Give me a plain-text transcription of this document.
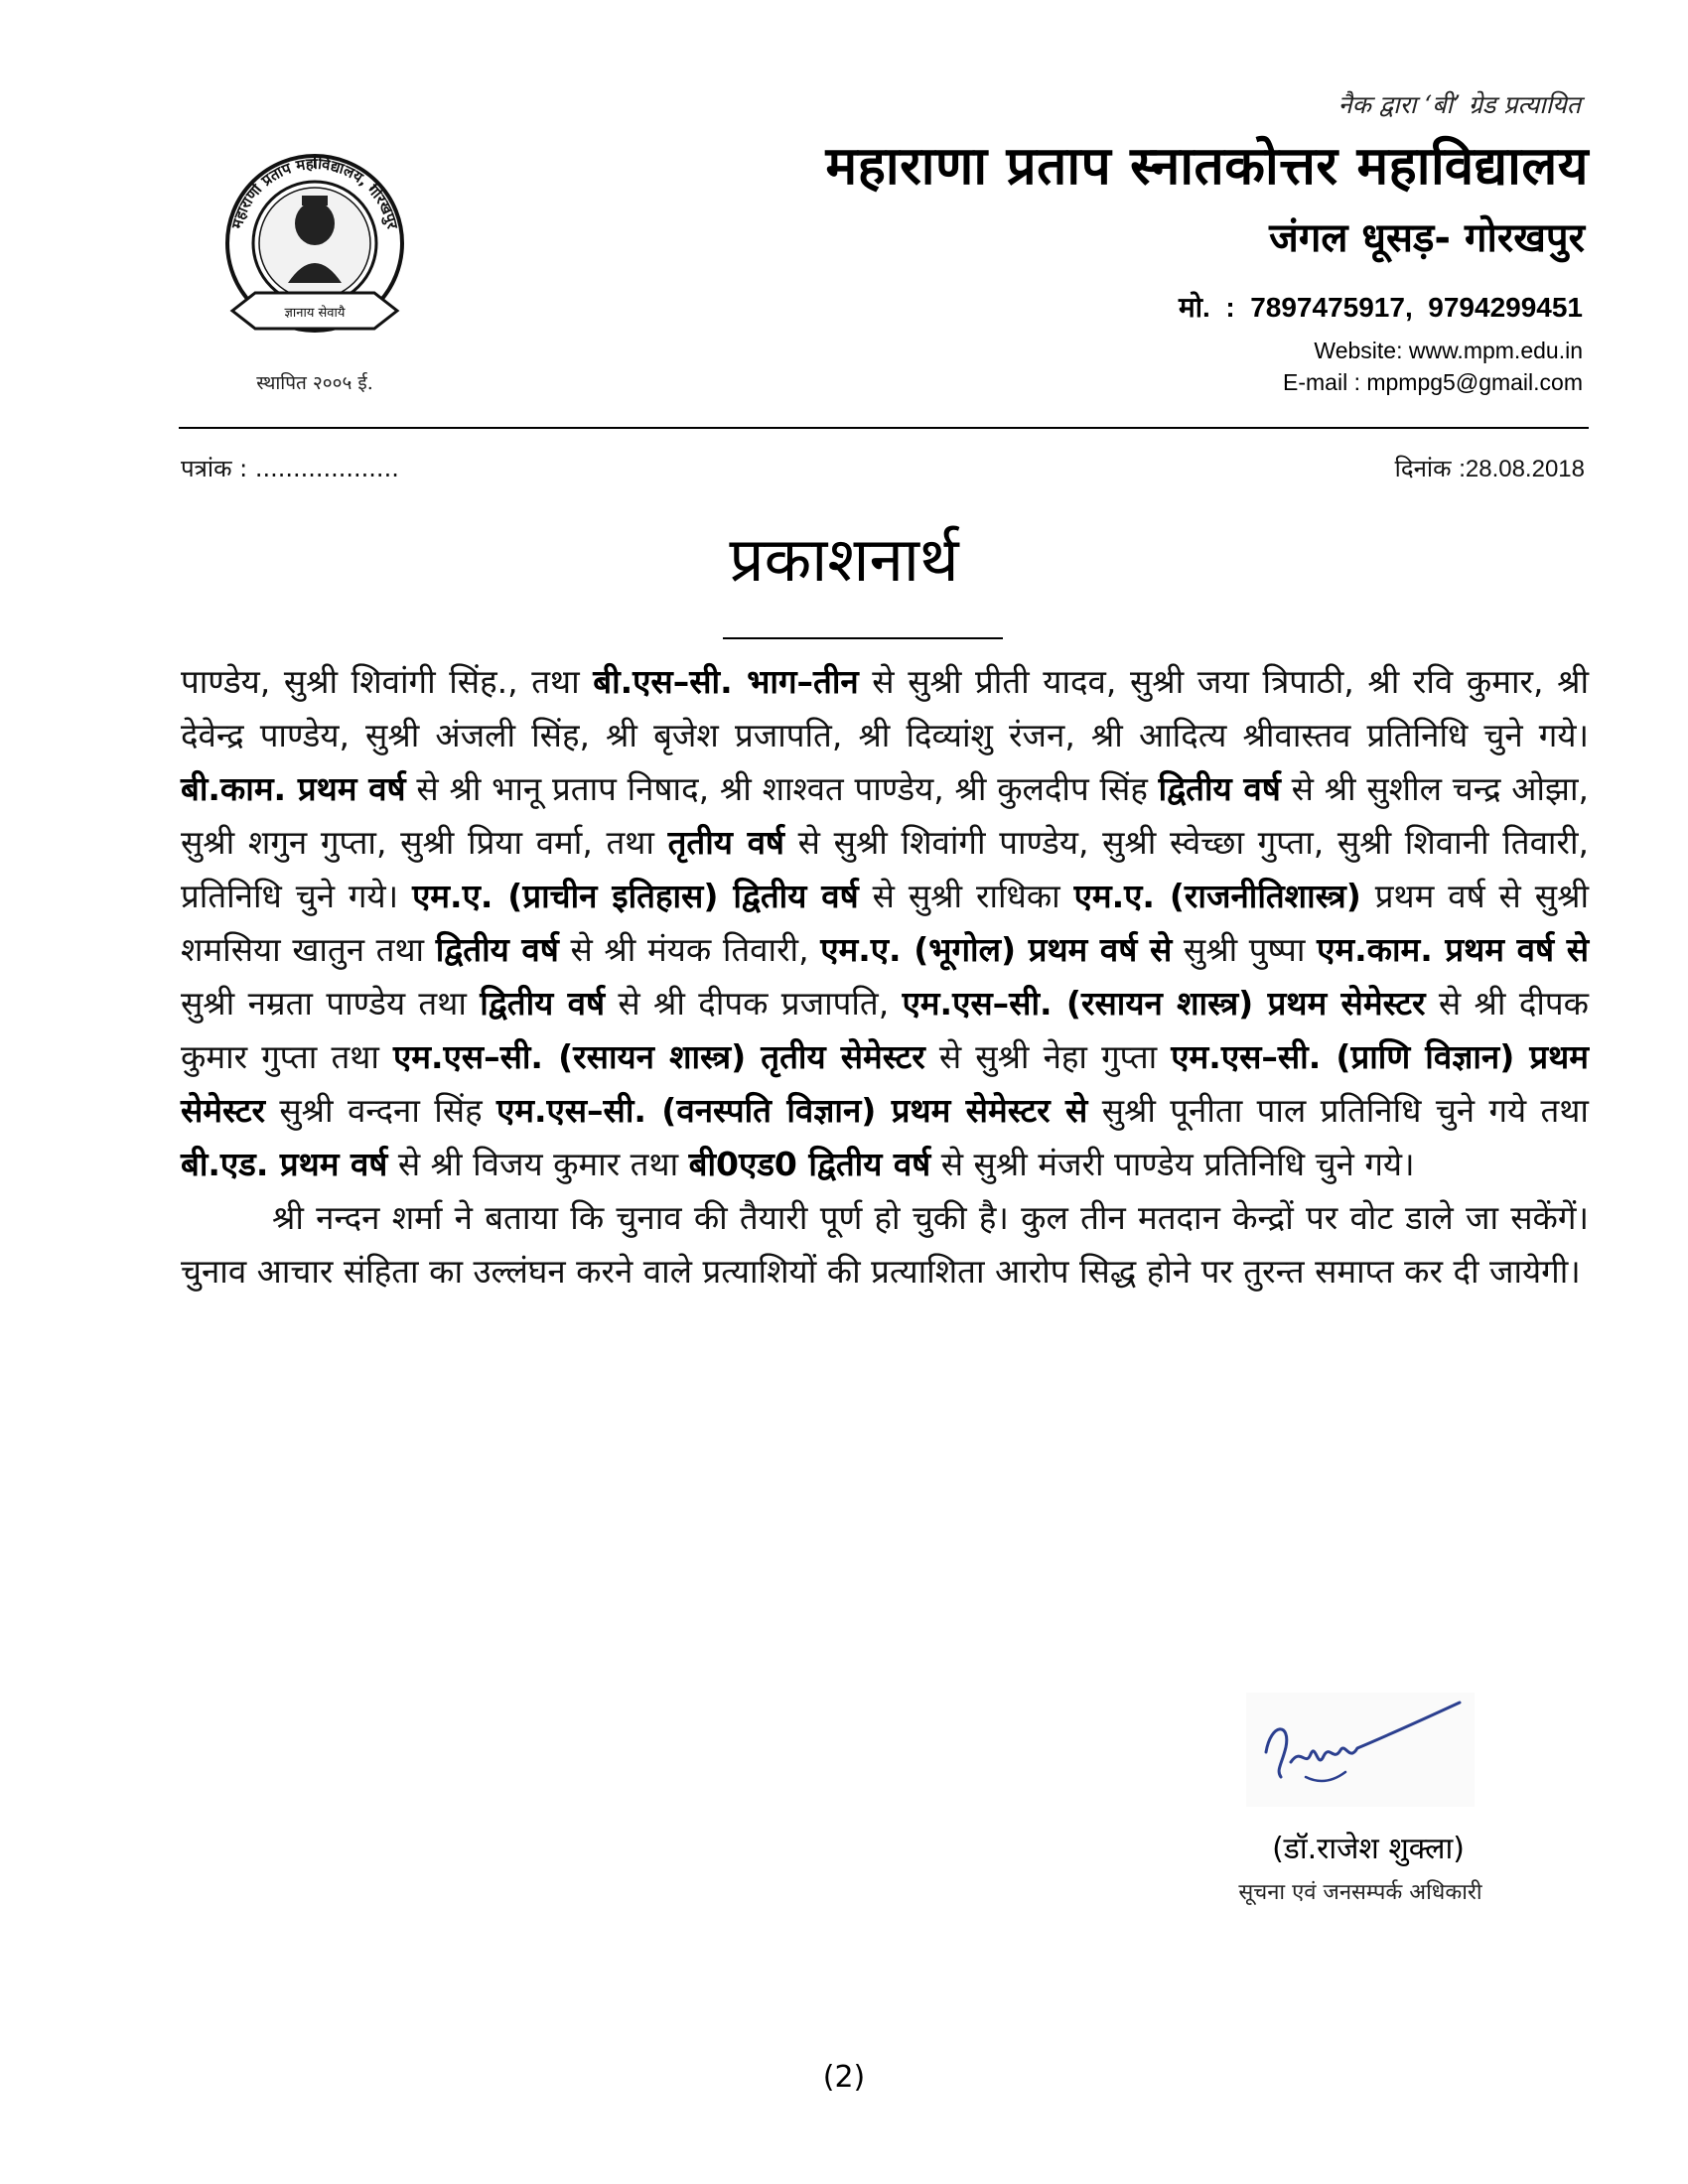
ज्ञानाय सेवायै
महाराणा प्रताप महाविद्यालय, गोरखपुर
स्थापित २००५ ई.
नैक द्वारा ‘बी’ ग्रेड प्रत्यायित
महाराणा प्रताप स्नातकोत्तर महाविद्यालय
जंगल धूसड़- गोरखपुर
मो.  :  7897475917,  9794299451
Website: www.mpm.edu.in
E-mail : mpmpg5@gmail.com
पत्रांक : ...................	दिनांक :28.08.2018
प्रकाशनार्थ

पाण्डेय, सुश्री शिवांगी सिंह., तथा बी.एस–सी. भाग–तीन से सुश्री प्रीती यादव, सुश्री जया त्रिपाठी, श्री रवि कुमार, श्री देवेन्द्र पाण्डेय, सुश्री अंजली सिंह, श्री बृजेश प्रजापति, श्री दिव्यांशु रंजन, श्री आदित्य श्रीवास्तव प्रतिनिधि चुने गये। बी.काम. प्रथम वर्ष से श्री भानू प्रताप निषाद, श्री शाश्वत पाण्डेय, श्री कुलदीप सिंह द्वितीय वर्ष से श्री सुशील चन्द्र ओझा, सुश्री शगुन गुप्ता, सुश्री प्रिया वर्मा, तथा तृतीय वर्ष से सुश्री शिवांगी पाण्डेय, सुश्री स्वेच्छा गुप्ता, सुश्री शिवानी तिवारी, प्रतिनिधि चुने गये। एम.ए. (प्राचीन इतिहास) द्वितीय वर्ष से सुश्री राधिका एम.ए. (राजनीतिशास्त्र) प्रथम वर्ष से सुश्री शमसिया खातुन तथा द्वितीय वर्ष से श्री मंयक तिवारी, एम.ए. (भूगोल) प्रथम वर्ष से सुश्री पुष्पा एम.काम. प्रथम वर्ष से सुश्री नम्रता पाण्डेय तथा द्वितीय वर्ष से श्री दीपक प्रजापति, एम.एस–सी. (रसायन शास्त्र) प्रथम सेमेस्टर से श्री दीपक कुमार गुप्ता तथा एम.एस–सी. (रसायन शास्त्र) तृतीय सेमेस्टर से सुश्री नेहा गुप्ता एम.एस–सी. (प्राणि विज्ञान) प्रथम सेमेस्टर सुश्री वन्दना सिंह एम.एस–सी. (वनस्पति विज्ञान) प्रथम सेमेस्टर से सुश्री पूनीता पाल प्रतिनिधि चुने गये तथा बी.एड. प्रथम वर्ष से श्री विजय कुमार तथा बी0एड0 द्वितीय वर्ष से सुश्री मंजरी पाण्डेय प्रतिनिधि चुने गये।

श्री नन्दन शर्मा ने बताया कि चुनाव की तैयारी पूर्ण हो चुकी है। कुल तीन मतदान केन्द्रों पर वोट डाले जा सकेंगें। चुनाव आचार संहिता का उल्लंघन करने वाले प्रत्याशियों की प्रत्याशिता आरोप सिद्ध होने पर तुरन्त समाप्त कर दी जायेगी।

(डॉ.राजेश शुक्ला)
सूचना एवं जनसम्पर्क अधिकारी
(2)
